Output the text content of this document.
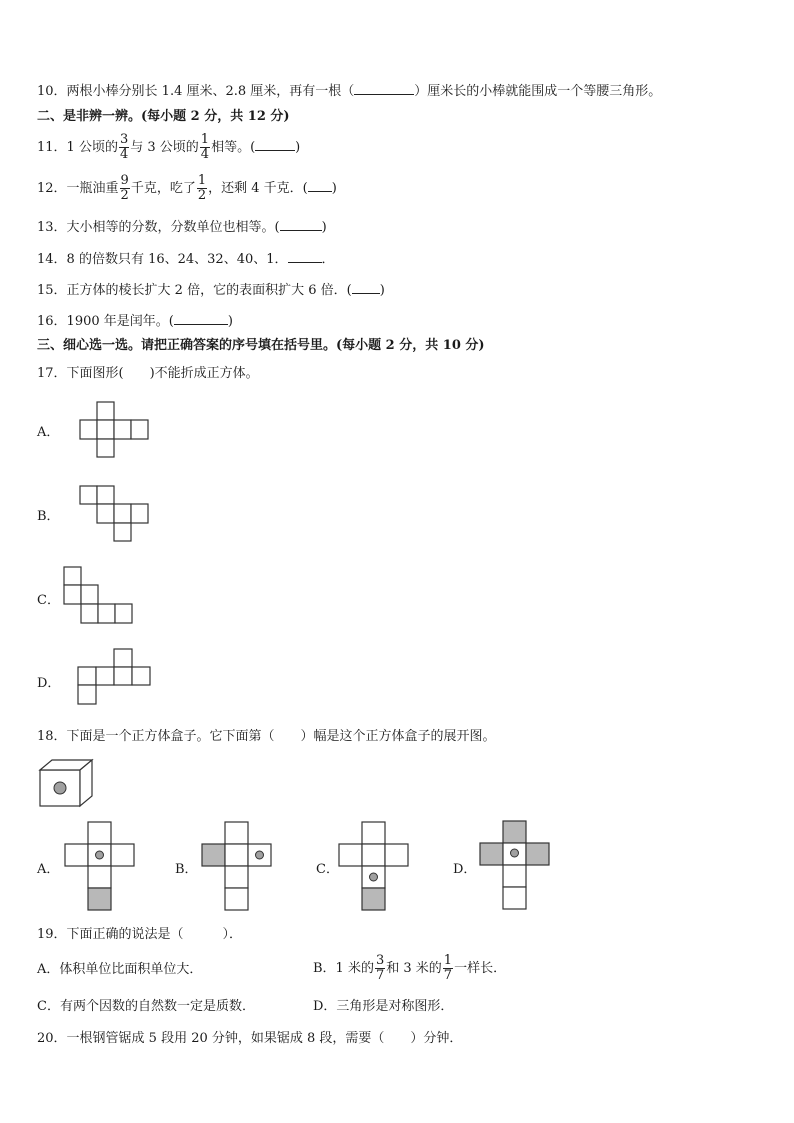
10．两根小棒分别长 1.4 厘米、2.8 厘米，再有一根（	）厘米长的小棒就能围成一个等腰三角形。
二、是非辨一辨。(每小题 2 分，共 12 分)
11．1 公顷的 $\frac{3}{4}$ 与 3 公顷的 $\frac{1}{4}$ 相等。(	)
12．一瓶油重 $\frac{9}{2}$ 千克，吃了 $\frac{1}{2}$ ，还剩 4 千克．( )
13．大小相等的分数，分数单位也相等。(	)
14．8 的倍数只有 16、24、32、40、1．	．
15．正方体的棱长扩大 2 倍，它的表面积扩大 6 倍．( )
16．1900 年是闰年。(	)
三、细心选一选。请把正确答案的序号填在括号里。(每小题 2 分，共 10 分)
17．下面图形(　　)不能折成正方体。
A．
B．
C．
D．
18．下面是一个正方体盒子。它下面第（　　）幅是这个正方体盒子的展开图。
A．	B．	C．	D．
19．下面正确的说法是（　　　）．
A．体积单位比面积单位大．	B．1 米的 $\frac{3}{7}$ 和 3 米的 $\frac{1}{7}$ 一样长．
C．有两个因数的自然数一定是质数．	D．三角形是对称图形．
20．一根钢管锯成 5 段用 20 分钟，如果锯成 8 段，需要（　　）分钟．
